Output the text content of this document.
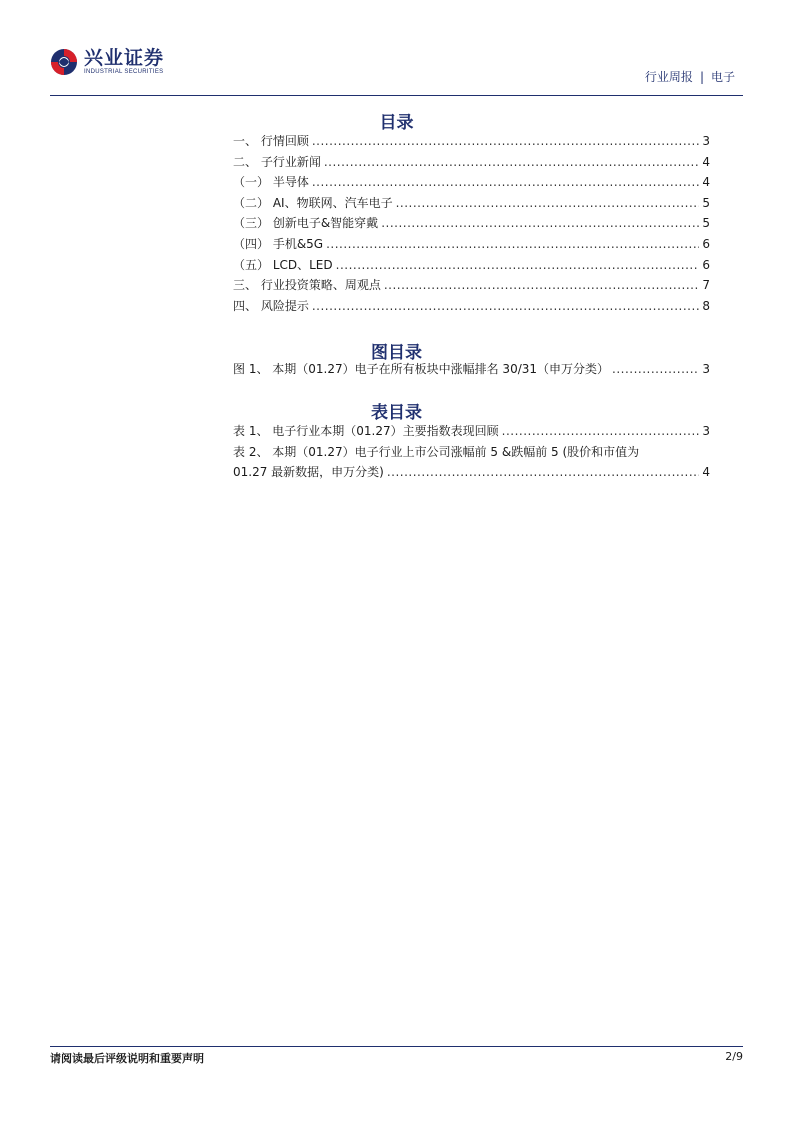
兴业证券
INDUSTRIAL SECURITIES	行业周报 | 电子
目录
一、 行情回顾 .....	3
二、 子行业新闻 .....	4
（一） 半导体 .....	4
（二） AI、物联网、汽车电子 .....	5
（三） 创新电子&智能穿戴 .....	5
（四） 手机&5G .....	6
（五） LCD、LED .....	6
三、 行业投资策略、周观点 .....	7
四、 风险提示 .....	8
图目录
图 1、 本期（01.27）电子在所有板块中涨幅排名 30/31（申万分类） .....	3
表目录
表 1、 电子行业本期（01.27）主要指数表现回顾 .....	3
表 2、 本期（01.27）电子行业上市公司涨幅前 5 &跌幅前 5 (股价和市值为
01.27 最新数据，申万分类) .....	4
请阅读最后评级说明和重要声明	2/9
